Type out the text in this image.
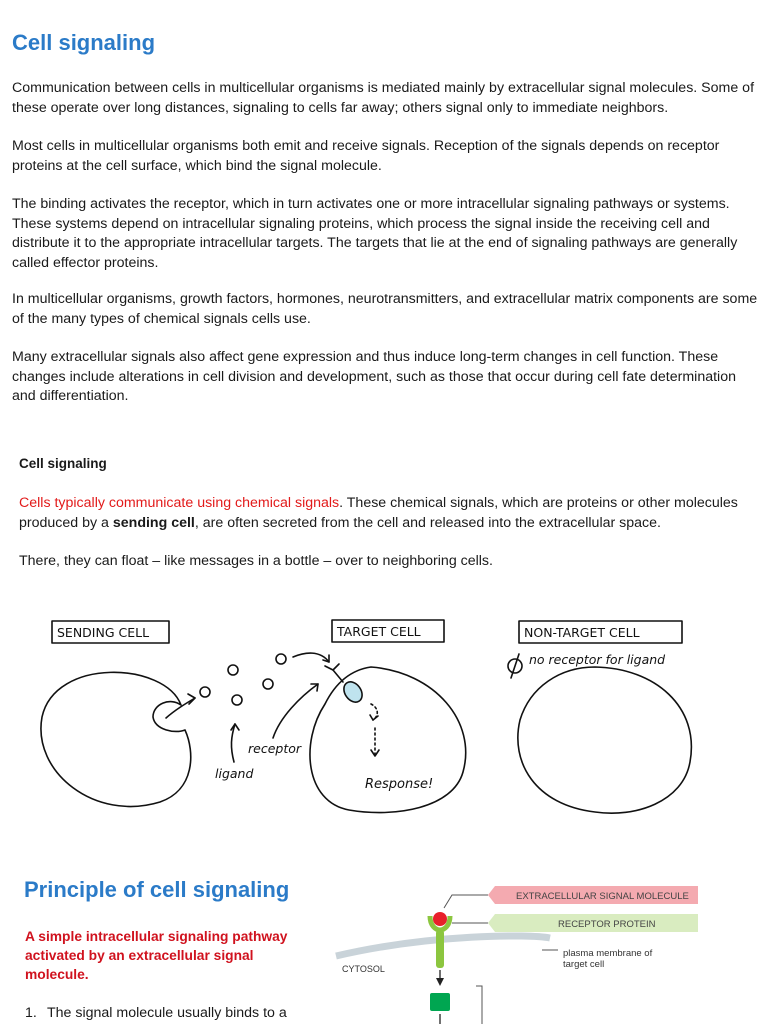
Cell signaling

Communication between cells in multicellular organisms is mediated mainly by extracellular signal molecules. Some of these operate over long distances, signaling to cells far away; others signal only to immediate neighbors.

Most cells in multicellular organisms both emit and receive signals. Reception of the signals depends on receptor proteins at the cell surface, which bind the signal molecule.

The binding activates the receptor, which in turn activates one or more intracellular signaling pathways or systems. These systems depend on intracellular signaling proteins, which process the signal inside the receiving cell and distribute it to the appropriate intracellular targets. The targets that lie at the end of signaling pathways are generally called effector proteins.

In multicellular organisms, growth factors, hormones, neurotransmitters, and extracellular matrix components are some of the many types of chemical signals cells use.

Many extracellular signals also affect gene expression and thus induce long-term changes in cell function. These changes include alterations in cell division and development, such as those that occur during cell fate determination and differentiation.

Cell signaling

Cells typically communicate using chemical signals. These chemical signals, which are proteins or other molecules produced by a sending cell, are often secreted from the cell and released into the extracellular space.

There, they can float – like messages in a bottle – over to neighboring cells.

SENDING CELL	TARGET CELL	NON-TARGET CELL
no receptor for ligand
receptor
ligand
Response!
Principle of cell signaling

A simple intracellular signaling pathway activated by an extracellular signal molecule.

1. The signal molecule usually binds to a

EXTRACELLULAR SIGNAL MOLECULE
RECEPTOR PROTEIN
plasma membrane of
target cell
CYTOSOL
